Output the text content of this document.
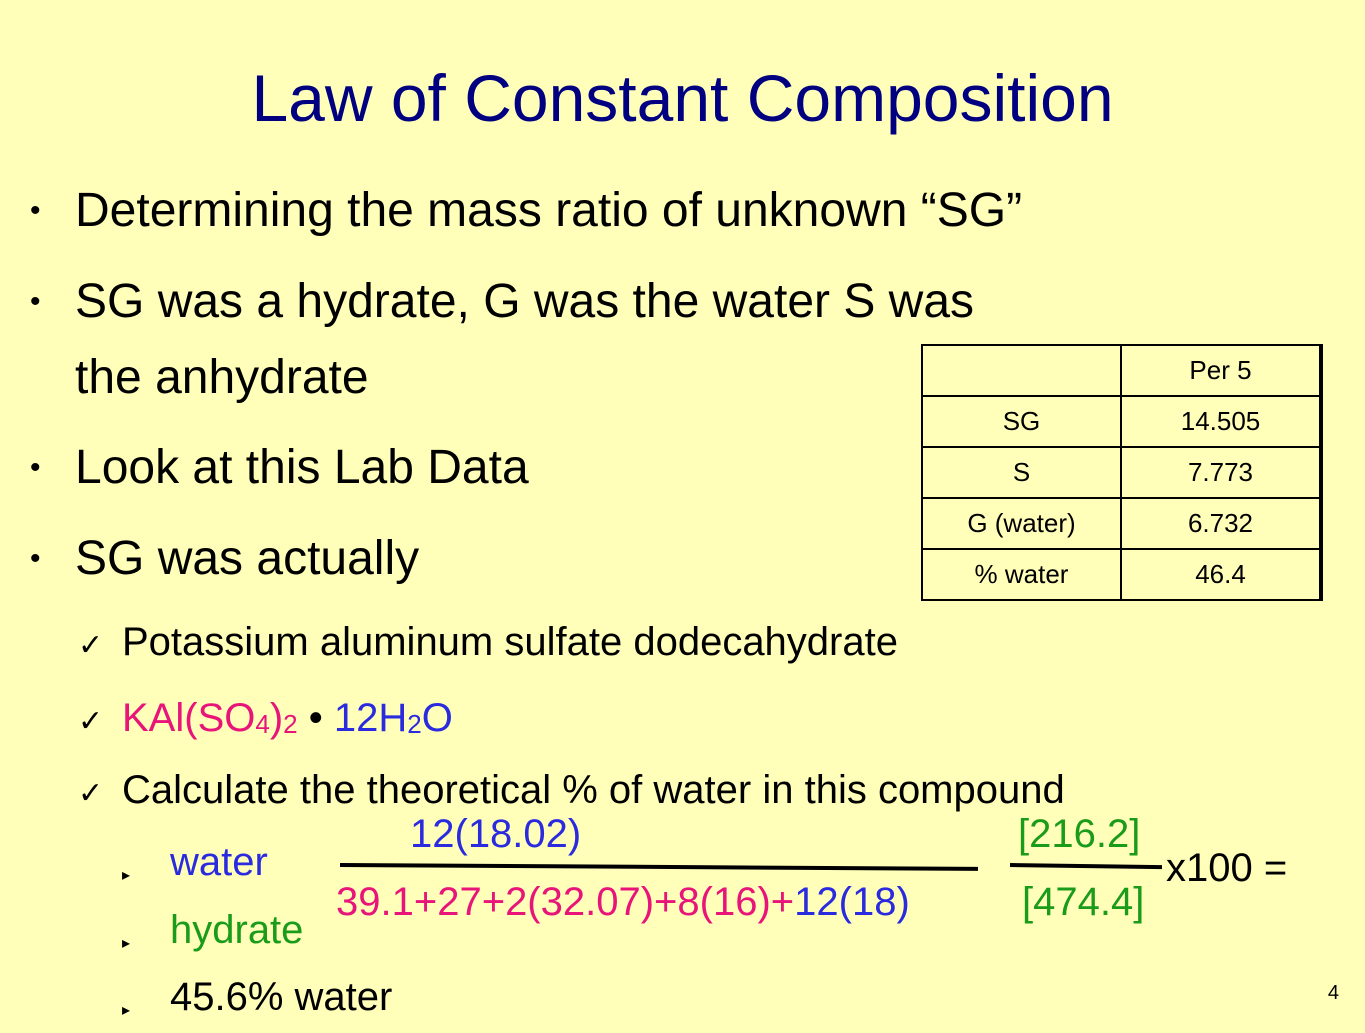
Law of Constant Composition
• Determining the mass ratio of unknown “SG”
• SG was a hydrate, G was the water S was
the anhydrate
• Look at this Lab Data
• SG was actually
✓ Potassium aluminum sulfate dodecahydrate
✓ $KAl(SO_4)_2$ • $12H_2O$
✓ Calculate the theoretical % of water in this compound
▸ water
▸ hydrate
▸ 45.6% water
12(18.02)
39.1+27+2(32.07)+8(16)+12(18)
[216.2]
[474.4]
x100 =
	Per 5
SG	14.505
S	7.773
G (water)	6.732
% water	46.4
4
